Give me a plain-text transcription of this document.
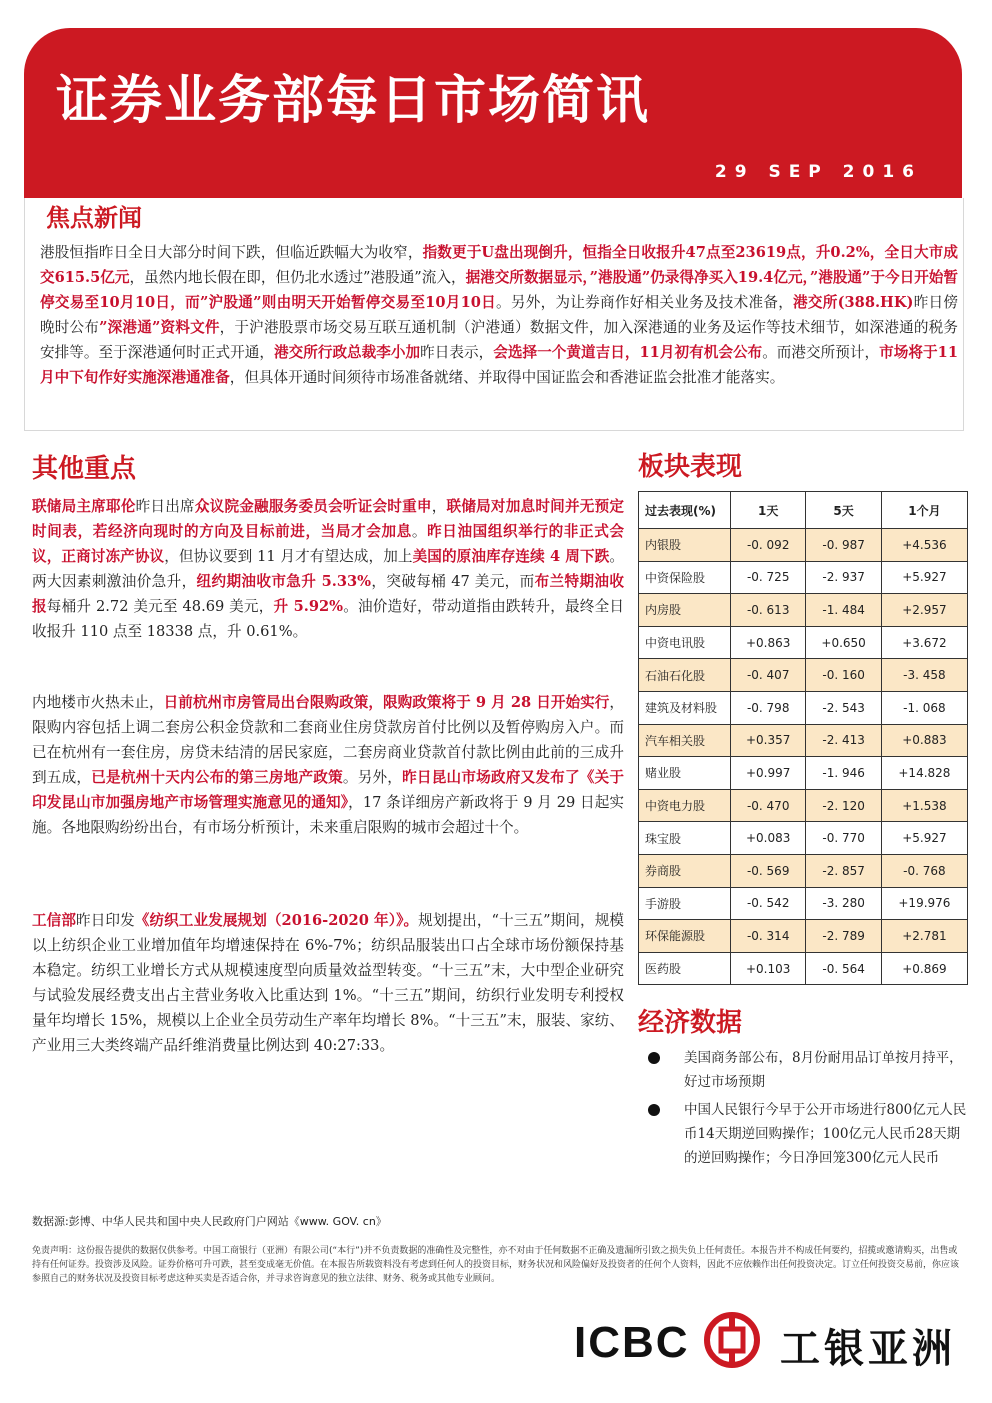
证券业务部每日市场简讯
29 SEP 2016
焦点新闻
港股恒指昨日全日大部分时间下跌，但临近跌幅大为收窄，指数更于U盘出现倒升，恒指全日收报升47点至23619点，升0.2%，全日大市成交615.5亿元，虽然内地长假在即，但仍北水透过”港股通”流入，据港交所数据显示，”港股通”仍录得净买入19.4亿元，”港股通”于今日开始暂停交易至10月10日，而”沪股通”则由明天开始暂停交易至10月10日。另外，为让券商作好相关业务及技术准备，港交所(388.HK)昨日傍晚时公布”深港通”资料文件，于沪港股票市场交易互联互通机制（沪港通）数据文件，加入深港通的业务及运作等技术细节，如深港通的税务安排等。至于深港通何时正式开通，港交所行政总裁李小加昨日表示，会选择一个黄道吉日，11月初有机会公布。而港交所预计，市场将于11月中下旬作好实施深港通准备，但具体开通时间须待市场准备就绪、并取得中国证监会和香港证监会批准才能落实。
其他重点
联储局主席耶伦昨日出席众议院金融服务委员会听证会时重申，联储局对加息时间并无预定时间表，若经济向现时的方向及目标前进，当局才会加息。昨日油国组织举行的非正式会议，正商讨冻产协议，但协议要到 11 月才有望达成，加上美国的原油库存连续 4 周下跌。两大因素刺激油价急升，纽约期油收市急升 5.33%，突破每桶 47 美元，而布兰特期油收报每桶升 2.72 美元至 48.69 美元，升 5.92%。油价造好，带动道指由跌转升，最终全日收报升 110 点至 18338 点，升 0.61%。
内地楼市火热未止，日前杭州市房管局出台限购政策，限购政策将于 9 月 28 日开始实行，限购内容包括上调二套房公积金贷款和二套商业住房贷款房首付比例以及暂停购房入户。而已在杭州有一套住房，房贷未结清的居民家庭，二套房商业贷款首付款比例由此前的三成升到五成，已是杭州十天内公布的第三房地产政策。另外，昨日昆山市场政府又发布了《关于印发昆山市加强房地产市场管理实施意见的通知》，17 条详细房产新政将于 9 月 29 日起实施。各地限购纷纷出台，有市场分析预计，未来重启限购的城市会超过十个。
工信部昨日印发《纺织工业发展规划（2016-2020 年）》。规划提出，“十三五”期间，规模以上纺织企业工业增加值年均增速保持在 6%-7%；纺织品服装出口占全球市场份额保持基本稳定。纺织工业增长方式从规模速度型向质量效益型转变。“十三五”末，大中型企业研究与试验发展经费支出占主营业务收入比重达到 1%。“十三五”期间，纺织行业发明专利授权量年均增长 15%，规模以上企业全员劳动生产率年均增长 8%。“十三五”末，服装、家纺、产业用三大类终端产品纤维消费量比例达到 40:27:33。
板块表现
过去表现(%)	1天	5天	1个月
内银股	-0. 092	-0. 987	+4.536
中资保险股	-0. 725	-2. 937	+5.927
内房股	-0. 613	-1. 484	+2.957
中资电讯股	+0.863	+0.650	+3.672
石油石化股	-0. 407	-0. 160	-3. 458
建筑及材料股	-0. 798	-2. 543	-1. 068
汽车相关股	+0.357	-2. 413	+0.883
赌业股	+0.997	-1. 946	+14.828
中资电力股	-0. 470	-2. 120	+1.538
珠宝股	+0.083	-0. 770	+5.927
券商股	-0. 569	-2. 857	-0. 768
手游股	-0. 542	-3. 280	+19.976
环保能源股	-0. 314	-2. 789	+2.781
医药股	+0.103	-0. 564	+0.869
经济数据
美国商务部公布，8月份耐用品订单按月持平，好过市场预期
中国人民银行今早于公开市场进行800亿元人民币14天期逆回购操作；100亿元人民币28天期的逆回购操作；今日净回笼300亿元人民币
数据源:彭博、中华人民共和国中央人民政府门户网站《www. GOV. cn》
免责声明：这份报告提供的数据仅供参考。中国工商银行（亚洲）有限公司(“本行”)并不负责数据的准确性及完整性，亦不对由于任何数据不正确及遗漏所引致之损失负上任何责任。本报告并不构成任何要约，招揽或邀请购买，出售或持有任何证券。投资涉及风险。证券价格可升可跌，甚至变成毫无价值。在本报告所载资料没有考虑到任何人的投资目标，财务状况和风险偏好及投资者的任何个人资料，因此不应依赖作出任何投资决定。订立任何投资交易前，你应该参照自己的财务状况及投资目标考虑这种买卖是否适合你，并寻求咨询意见的独立法律、财务、税务或其他专业顾问。
ICBC 工银亚洲
